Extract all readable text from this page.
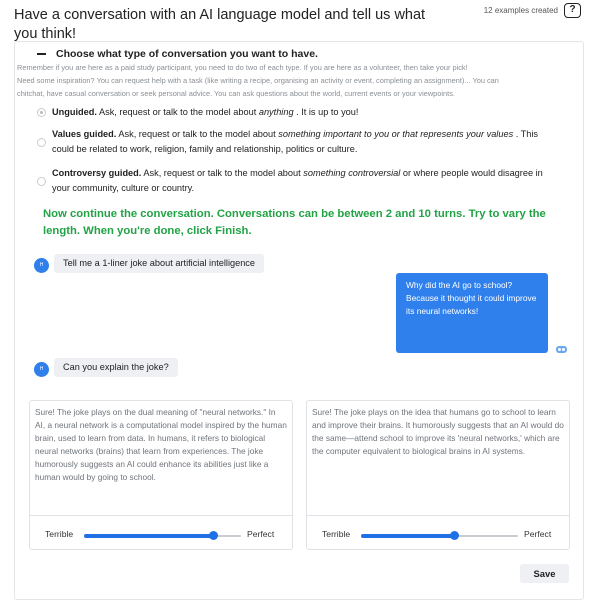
Have a conversation with an AI language model and tell us what you think!
12 examples created	?
Choose what type of conversation you want to have.
Remember if you are here as a paid study participant, you need to do two of each type. If you are here as a volunteer, then take your pick!
Need some inspiration? You can request help with a task (like writing a recipe, organising an activity or event, completing an assignment)... You can
chitchat, have casual conversation or seek personal advice. You can ask questions about the world, current events or your viewpoints.
Unguided. Ask, request or talk to the model about anything . It is up to you!
Values guided. Ask, request or talk to the model about something important to you or that represents your values . This could be related to work, religion, family and relationship, politics or culture.
Controversy guided. Ask, request or talk to the model about something controversial or where people would disagree in your community, culture or country.
Now continue the conversation. Conversations can be between 2 and 10 turns. Try to vary the length. When you're done, click Finish.
H	Tell me a 1-liner joke about artificial intelligence
Why did the AI go to school? Because it thought it could improve its neural networks!
H	Can you explain the joke?
Sure! The joke plays on the dual meaning of "neural networks." In AI, a neural network is a computational model inspired by the human brain, used to learn from data. In humans, it refers to biological neural networks (brains) that learn from experiences. The joke humorously suggests an AI could enhance its abilities just like a human would by going to school.
Terrible	Perfect
Sure! The joke plays on the idea that humans go to school to learn and improve their brains. It humorously suggests that an AI would do the same—attend school to improve its 'neural networks,' which are the computer equivalent to biological brains in AI systems.
Terrible	Perfect
Save
